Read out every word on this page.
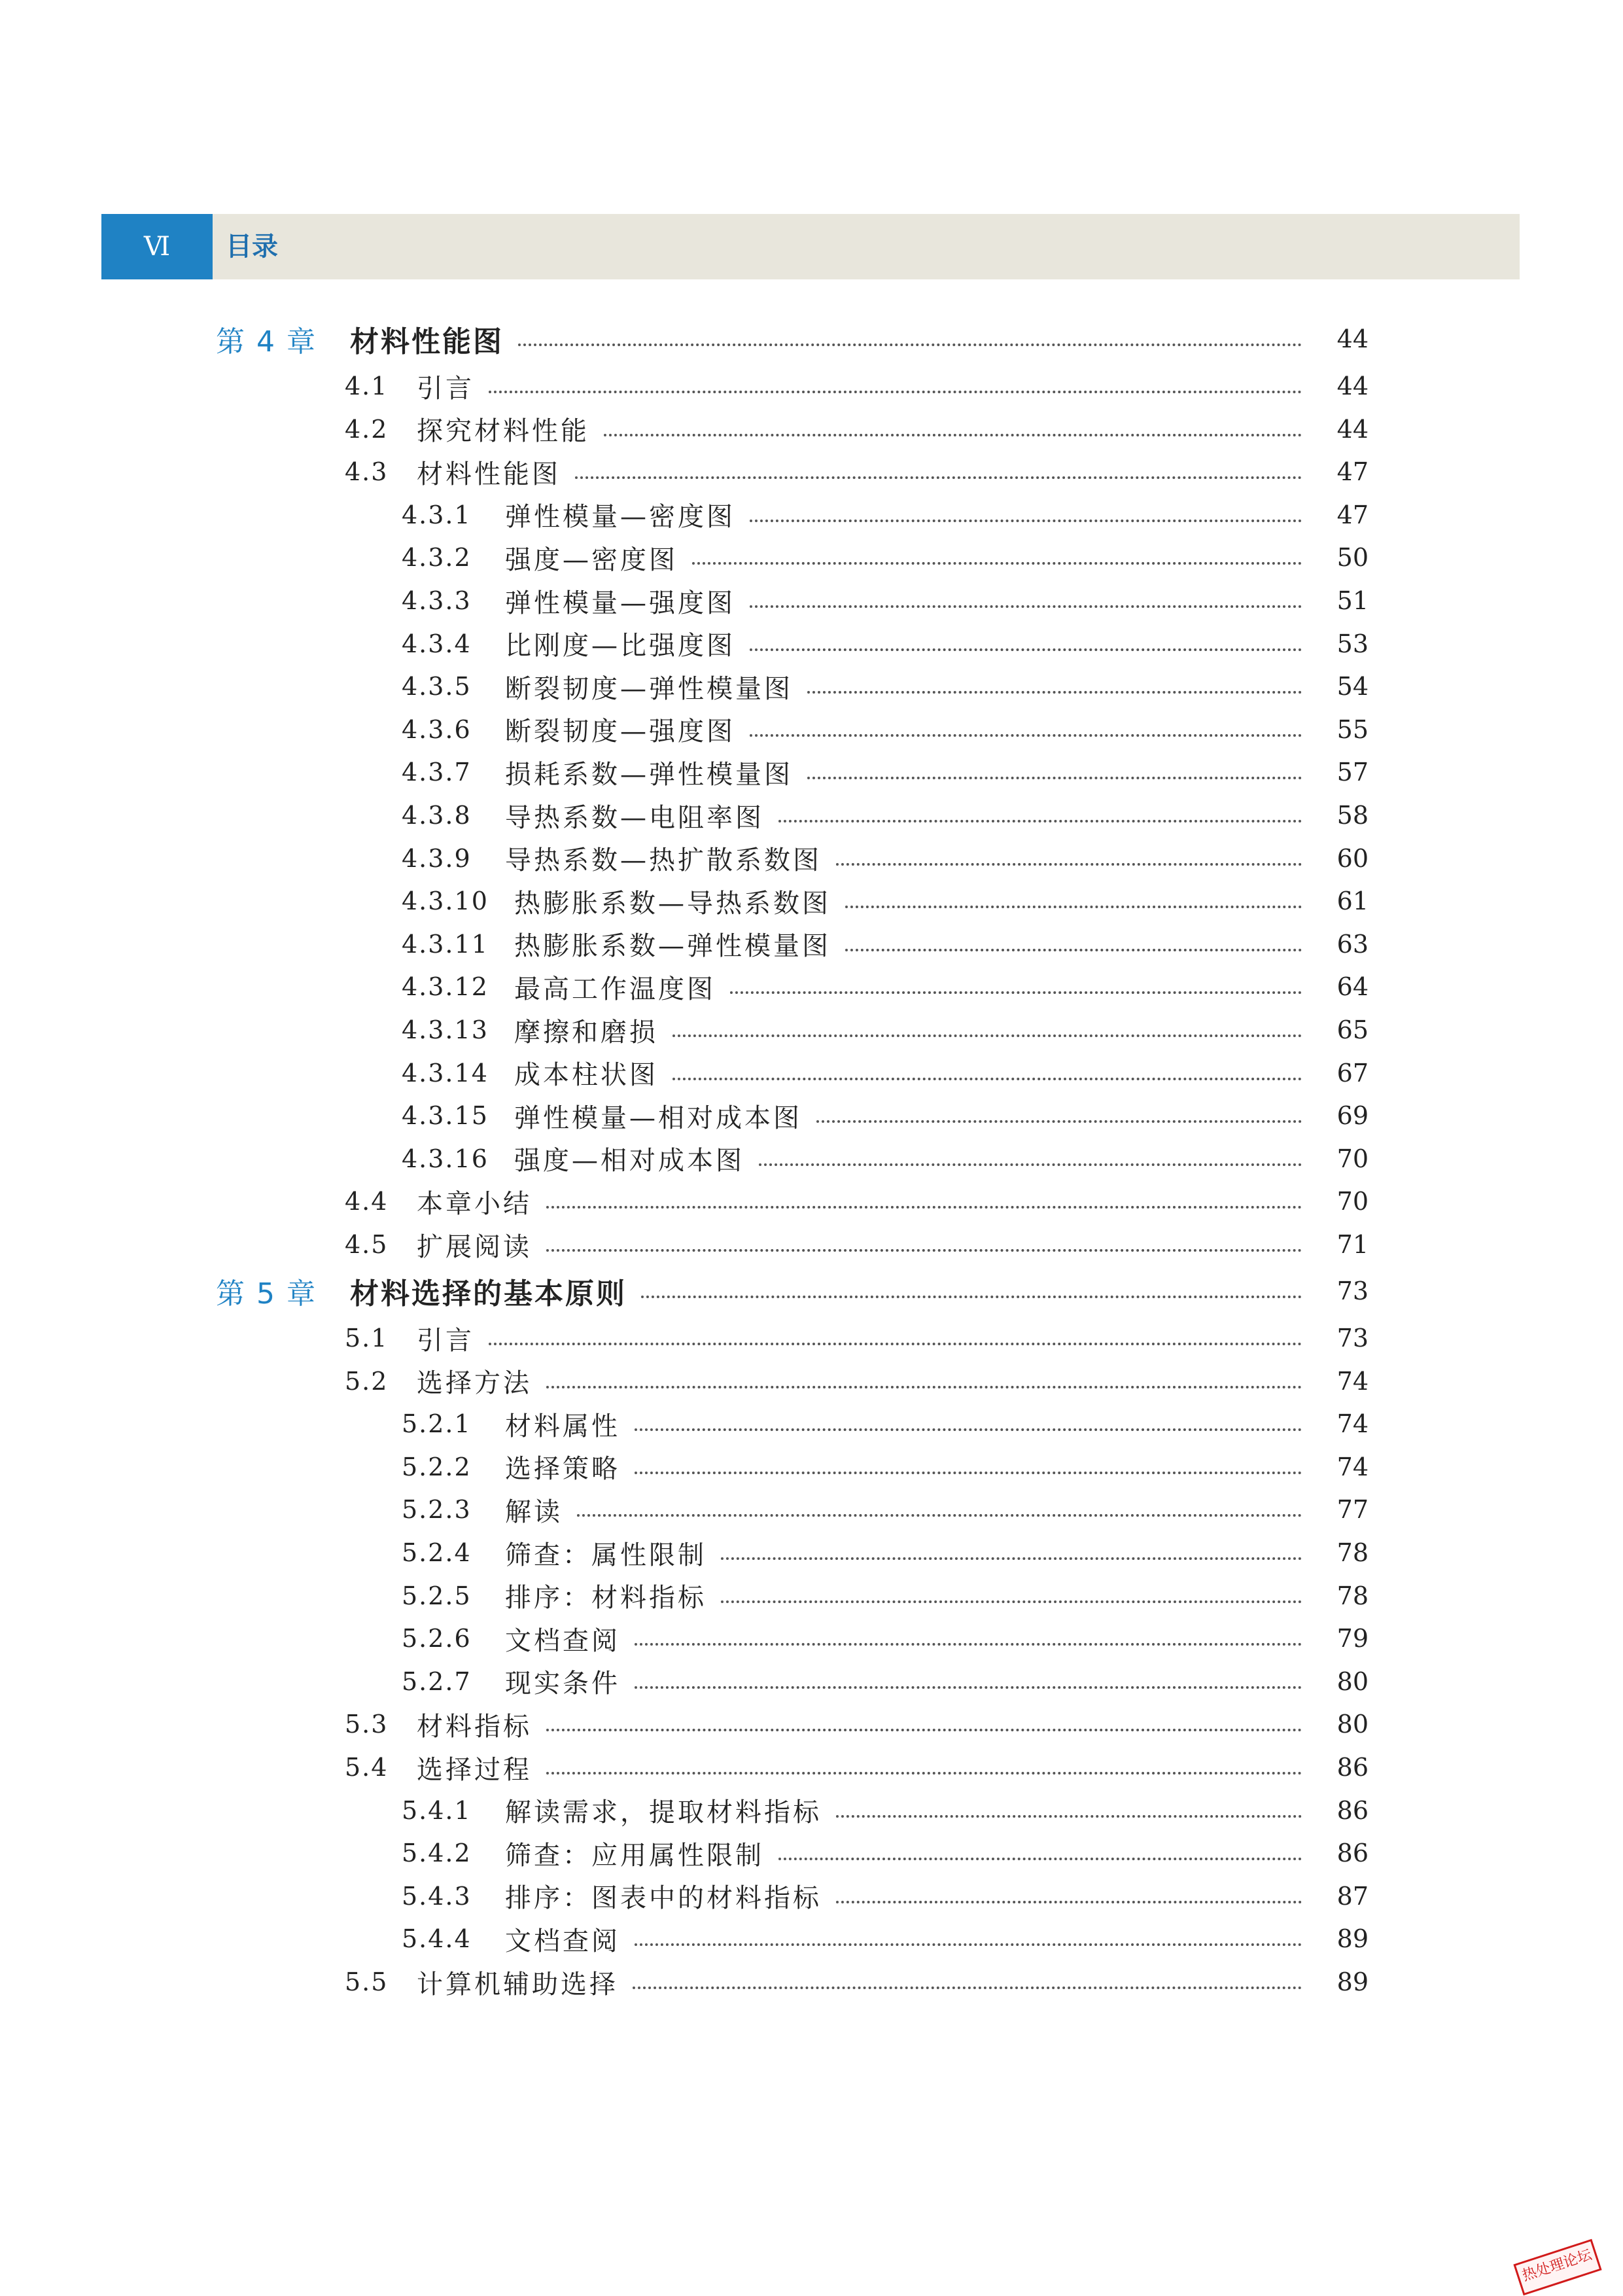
Ⅵ 目录
第 4 章	材料性能图	44
4.1	引言	44
4.2	探究材料性能	44
4.3	材料性能图	47
4.3.1	弹性模量—密度图	47
4.3.2	强度—密度图	50
4.3.3	弹性模量—强度图	51
4.3.4	比刚度—比强度图	53
4.3.5	断裂韧度—弹性模量图	54
4.3.6	断裂韧度—强度图	55
4.3.7	损耗系数—弹性模量图	57
4.3.8	导热系数—电阻率图	58
4.3.9	导热系数—热扩散系数图	60
4.3.10 热膨胀系数—导热系数图	61
4.3.11 热膨胀系数—弹性模量图	63
4.3.12 最高工作温度图	64
4.3.13 摩擦和磨损	65
4.3.14 成本柱状图	67
4.3.15 弹性模量—相对成本图	69
4.3.16 强度—相对成本图	70
4.4	本章小结	70
4.5	扩展阅读	71
第 5 章	材料选择的基本原则	73
5.1	引言	73
5.2	选择方法	74
5.2.1	材料属性	74
5.2.2	选择策略	74
5.2.3	解读	77
5.2.4	筛查：属性限制	78
5.2.5	排序：材料指标	78
5.2.6	文档查阅	79
5.2.7	现实条件	80
5.3	材料指标	80
5.4	选择过程	86
5.4.1	解读需求，提取材料指标	86
5.4.2	筛查：应用属性限制	86
5.4.3	排序：图表中的材料指标	87
5.4.4	文档查阅	89
5.5	计算机辅助选择	89
热处理论坛
